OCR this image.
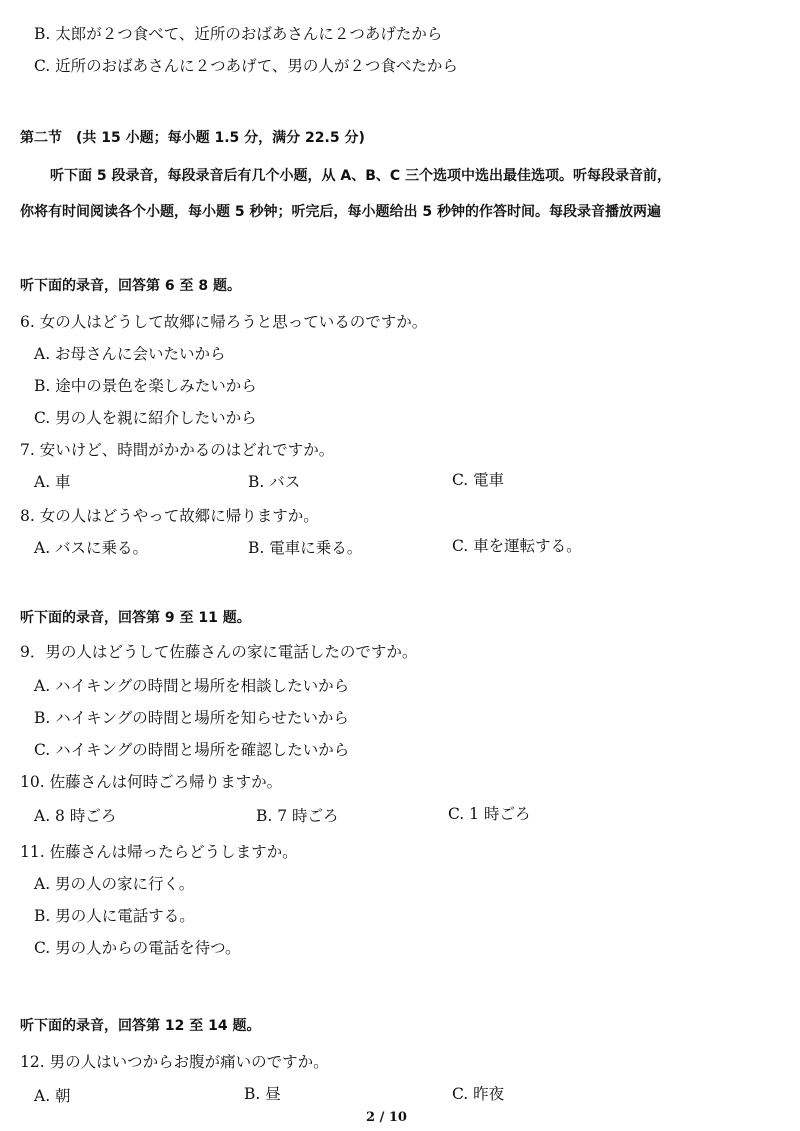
B. 太郎が２つ食べて、近所のおばあさんに２つあげたから
C. 近所のおばあさんに２つあげて、男の人が２つ食べたから
第二节　(共 15 小题；每小题 1.5 分，满分 22.5 分)
听下面 5 段录音，每段录音后有几个小题，从 A、B、C 三个选项中选出最佳选项。听每段录音前，
你将有时间阅读各个小题，每小题 5 秒钟；听完后，每小题给出 5 秒钟的作答时间。每段录音播放两遍
听下面的录音，回答第 6 至 8 题。
6. 女の人はどうして故郷に帰ろうと思っているのですか。
A. お母さんに会いたいから
B. 途中の景色を楽しみたいから
C. 男の人を親に紹介したいから
7. 安いけど、時間がかかるのはどれですか。
A. 車	B. バス	C. 電車
8. 女の人はどうやって故郷に帰りますか。
A. バスに乗る。	B. 電車に乗る。	C. 車を運転する。
听下面的录音，回答第 9 至 11 题。
9．男の人はどうして佐藤さんの家に電話したのですか。
A. ハイキングの時間と場所を相談したいから
B. ハイキングの時間と場所を知らせたいから
C. ハイキングの時間と場所を確認したいから
10. 佐藤さんは何時ごろ帰りますか。
A. 8 時ごろ	B. 7 時ごろ	C. 1 時ごろ
11. 佐藤さんは帰ったらどうしますか。
A. 男の人の家に行く。
B. 男の人に電話する。
C. 男の人からの電話を待つ。
听下面的录音，回答第 12 至 14 题。
12. 男の人はいつからお腹が痛いのですか。
A. 朝	B. 昼	C. 昨夜
2 / 10
